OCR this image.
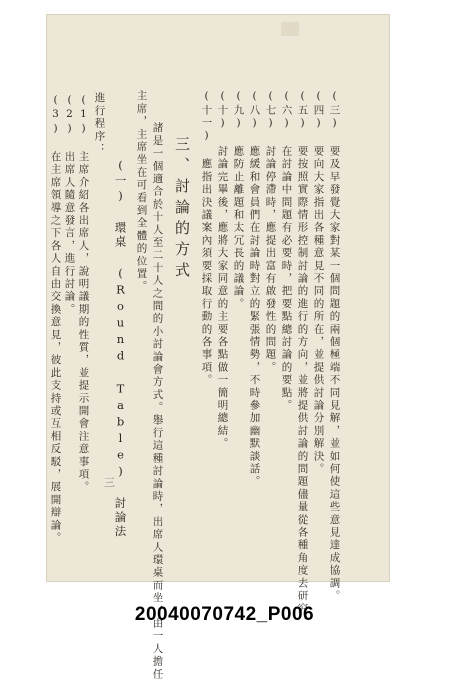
(三) 要及早發覺大家對某一個問題的兩個極端不同見解，並如何使這些意見達成協調。
(四) 要向大家指出各種意見不同的所在，並提供討論分別解決。
(五) 要按照實際情形控制討論的進行的方向，並將提供討論的問題儘量從各種角度去研究。
(六) 在討論中問題有必要時，把要點總討論的要點。
(七) 討論停滯時，應提出富有啟發性的問題。
(八) 應緩和會員們在討論時對立的緊張情勢，不時參加幽默談話。
(九) 應防止離題和太冗長的議論。
(十) 討論完畢後，應將大家同意的主要各點做一簡明總結。
(十一) 應指出決議案內須要採取行動的各事項。
三、討論的方式
諸是一個適合於十人至二十人之間的小討論會方式。舉行這種討論時，出席人環桌而坐，由一人擔任
主席，主席坐在可看到全體的位置。
(一) 環桌 (Round Table) 討論法
進行程序：
(1) 主席介紹各出席人，說明議期的性質，並提示開會注意事項。
(2) 出席人隨意發言，進行討論。
(3) 在主席領導之下各人自由交換意見，彼此支持或互相反駁，展開辯論。	三
20040070742_P006
